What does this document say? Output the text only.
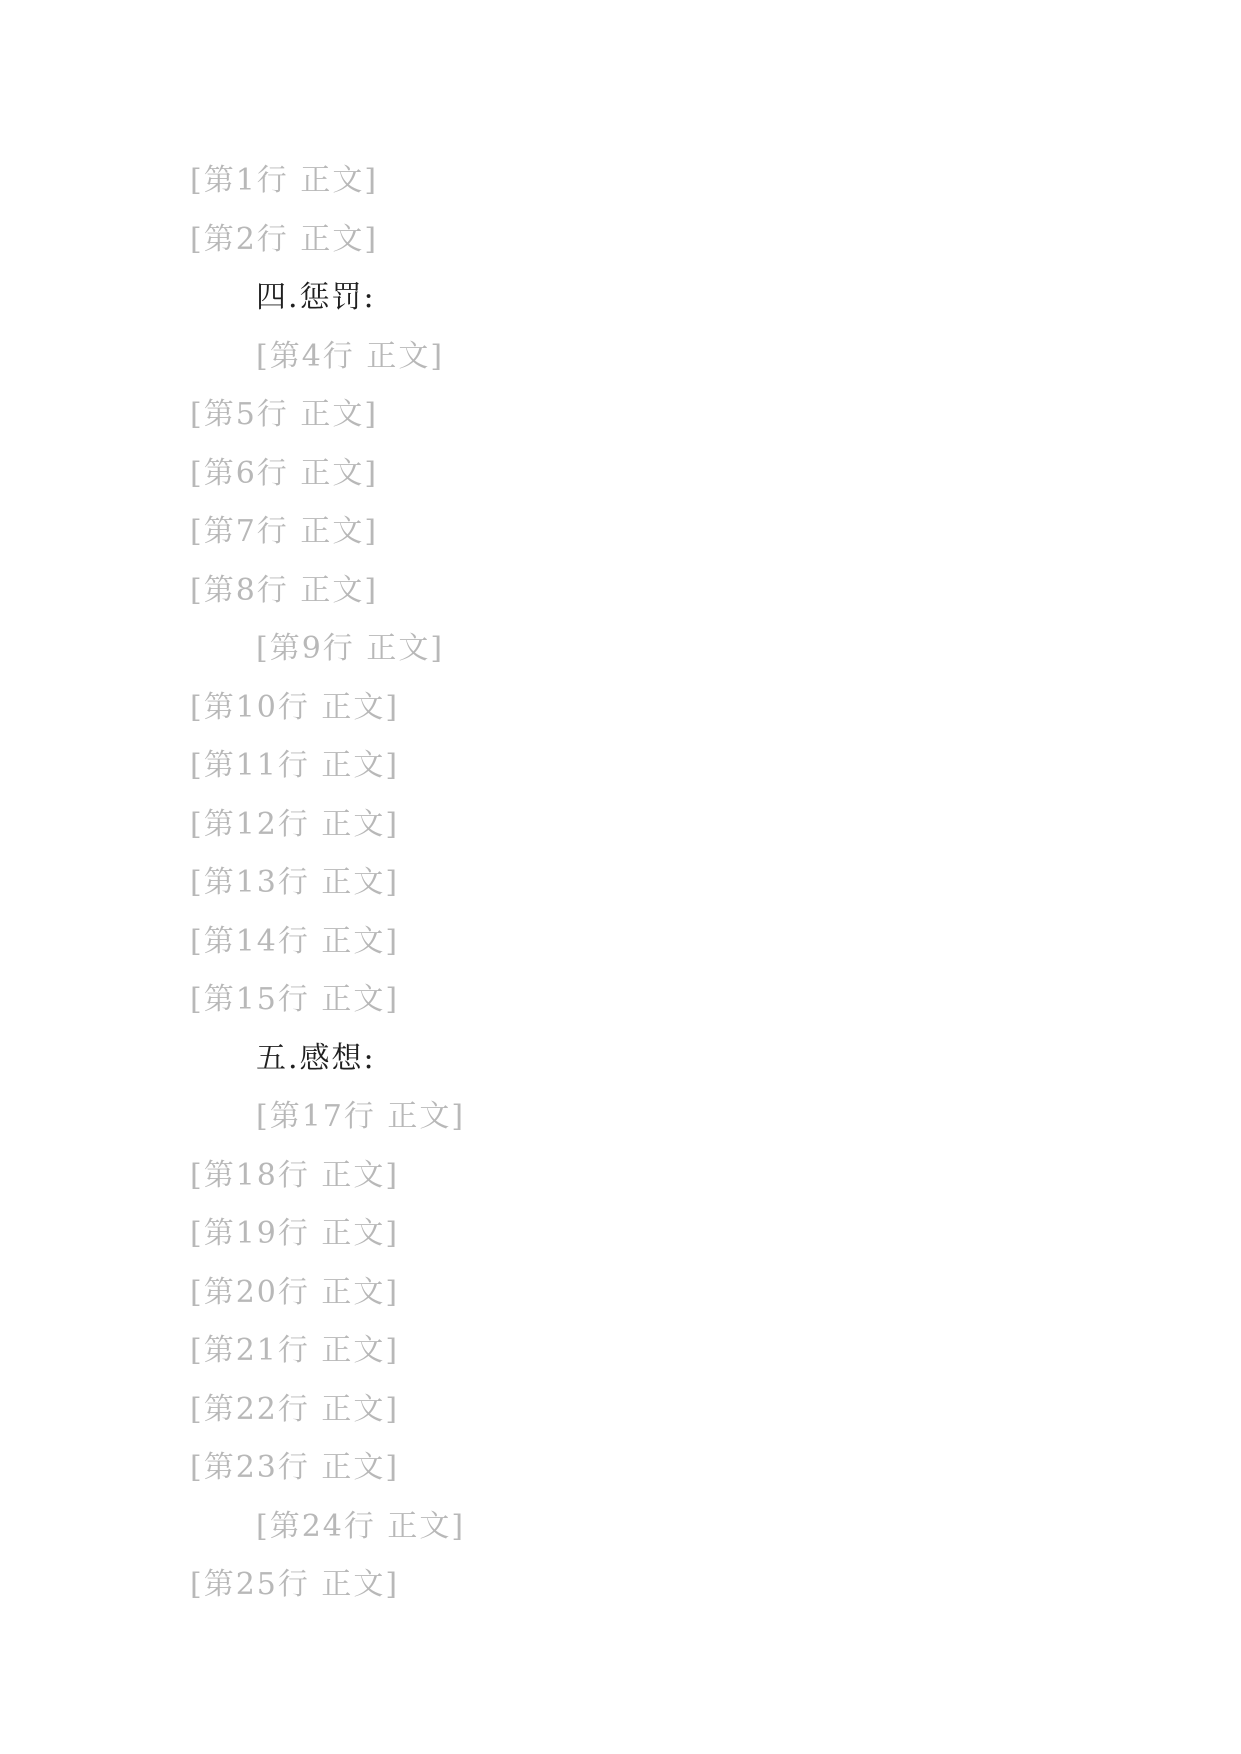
[第1行 正文]
[第2行 正文]
四.惩罚:
[第4行 正文]
[第5行 正文]
[第6行 正文]
[第7行 正文]
[第8行 正文]
[第9行 正文]
[第10行 正文]
[第11行 正文]
[第12行 正文]
[第13行 正文]
[第14行 正文]
[第15行 正文]
五.感想:
[第17行 正文]
[第18行 正文]
[第19行 正文]
[第20行 正文]
[第21行 正文]
[第22行 正文]
[第23行 正文]
[第24行 正文]
[第25行 正文]
